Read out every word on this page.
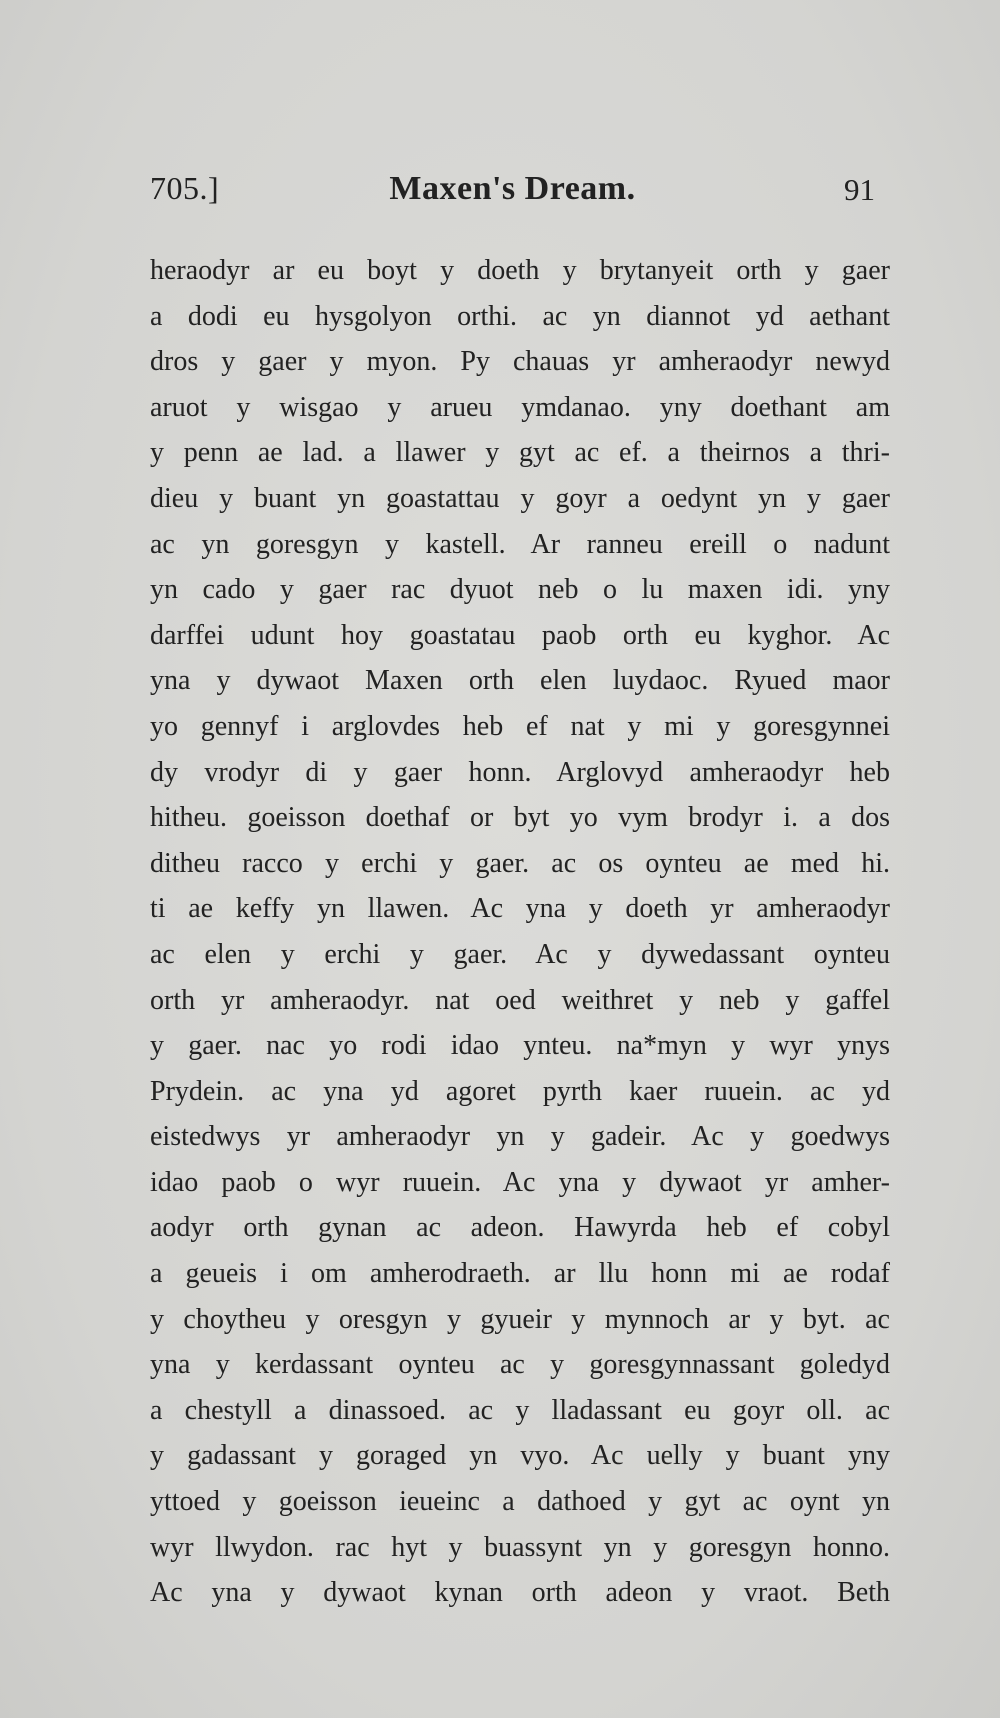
705.]	Maxen's Dream.	91
heraodyr ar eu boyt y doeth y brytanyeit orth y gaer
a dodi eu hysgolyon orthi. ac yn diannot yd aethant
dros y gaer y myon. Py chauas yr amheraodyr newyd
aruot y wisgao y arueu ymdanao. yny doethant am
y penn ae lad. a llawer y gyt ac ef. a theirnos a thri-
dieu y buant yn goastattau y goyr a oedynt yn y gaer
ac yn goresgyn y kastell. Ar ranneu ereill o nadunt
yn cado y gaer rac dyuot neb o lu maxen idi. yny
darffei udunt hoy goastatau paob orth eu kyghor. Ac
yna y dywaot Maxen orth elen luydaoc. Ryued maor
yo gennyf i arglovdes heb ef nat y mi y goresgynnei
dy vrodyr di y gaer honn. Arglovyd amheraodyr heb
hitheu. goeisson doethaf or byt yo vym brodyr i. a dos
ditheu racco y erchi y gaer. ac os oynteu ae med hi.
ti ae keffy yn llawen. Ac yna y doeth yr amheraodyr
ac elen y erchi y gaer. Ac y dywedassant oynteu
orth yr amheraodyr. nat oed weithret y neb y gaffel
y gaer. nac yo rodi idao ynteu. na*myn y wyr ynys
Prydein. ac yna yd agoret pyrth kaer ruuein. ac yd
eistedwys yr amheraodyr yn y gadeir. Ac y goedwys
idao paob o wyr ruuein. Ac yna y dywaot yr amher-
aodyr orth gynan ac adeon. Hawyrda heb ef cobyl
a geueis i om amherodraeth. ar llu honn mi ae rodaf
y choytheu y oresgyn y gyueir y mynnoch ar y byt. ac
yna y kerdassant oynteu ac y goresgynnassant goledyd
a chestyll a dinassoed. ac y lladassant eu goyr oll. ac
y gadassant y goraged yn vyo. Ac uelly y buant yny
yttoed y goeisson ieueinc a dathoed y gyt ac oynt yn
wyr llwydon. rac hyt y buassynt yn y goresgyn honno.
Ac yna y dywaot kynan orth adeon y vraot. Beth
